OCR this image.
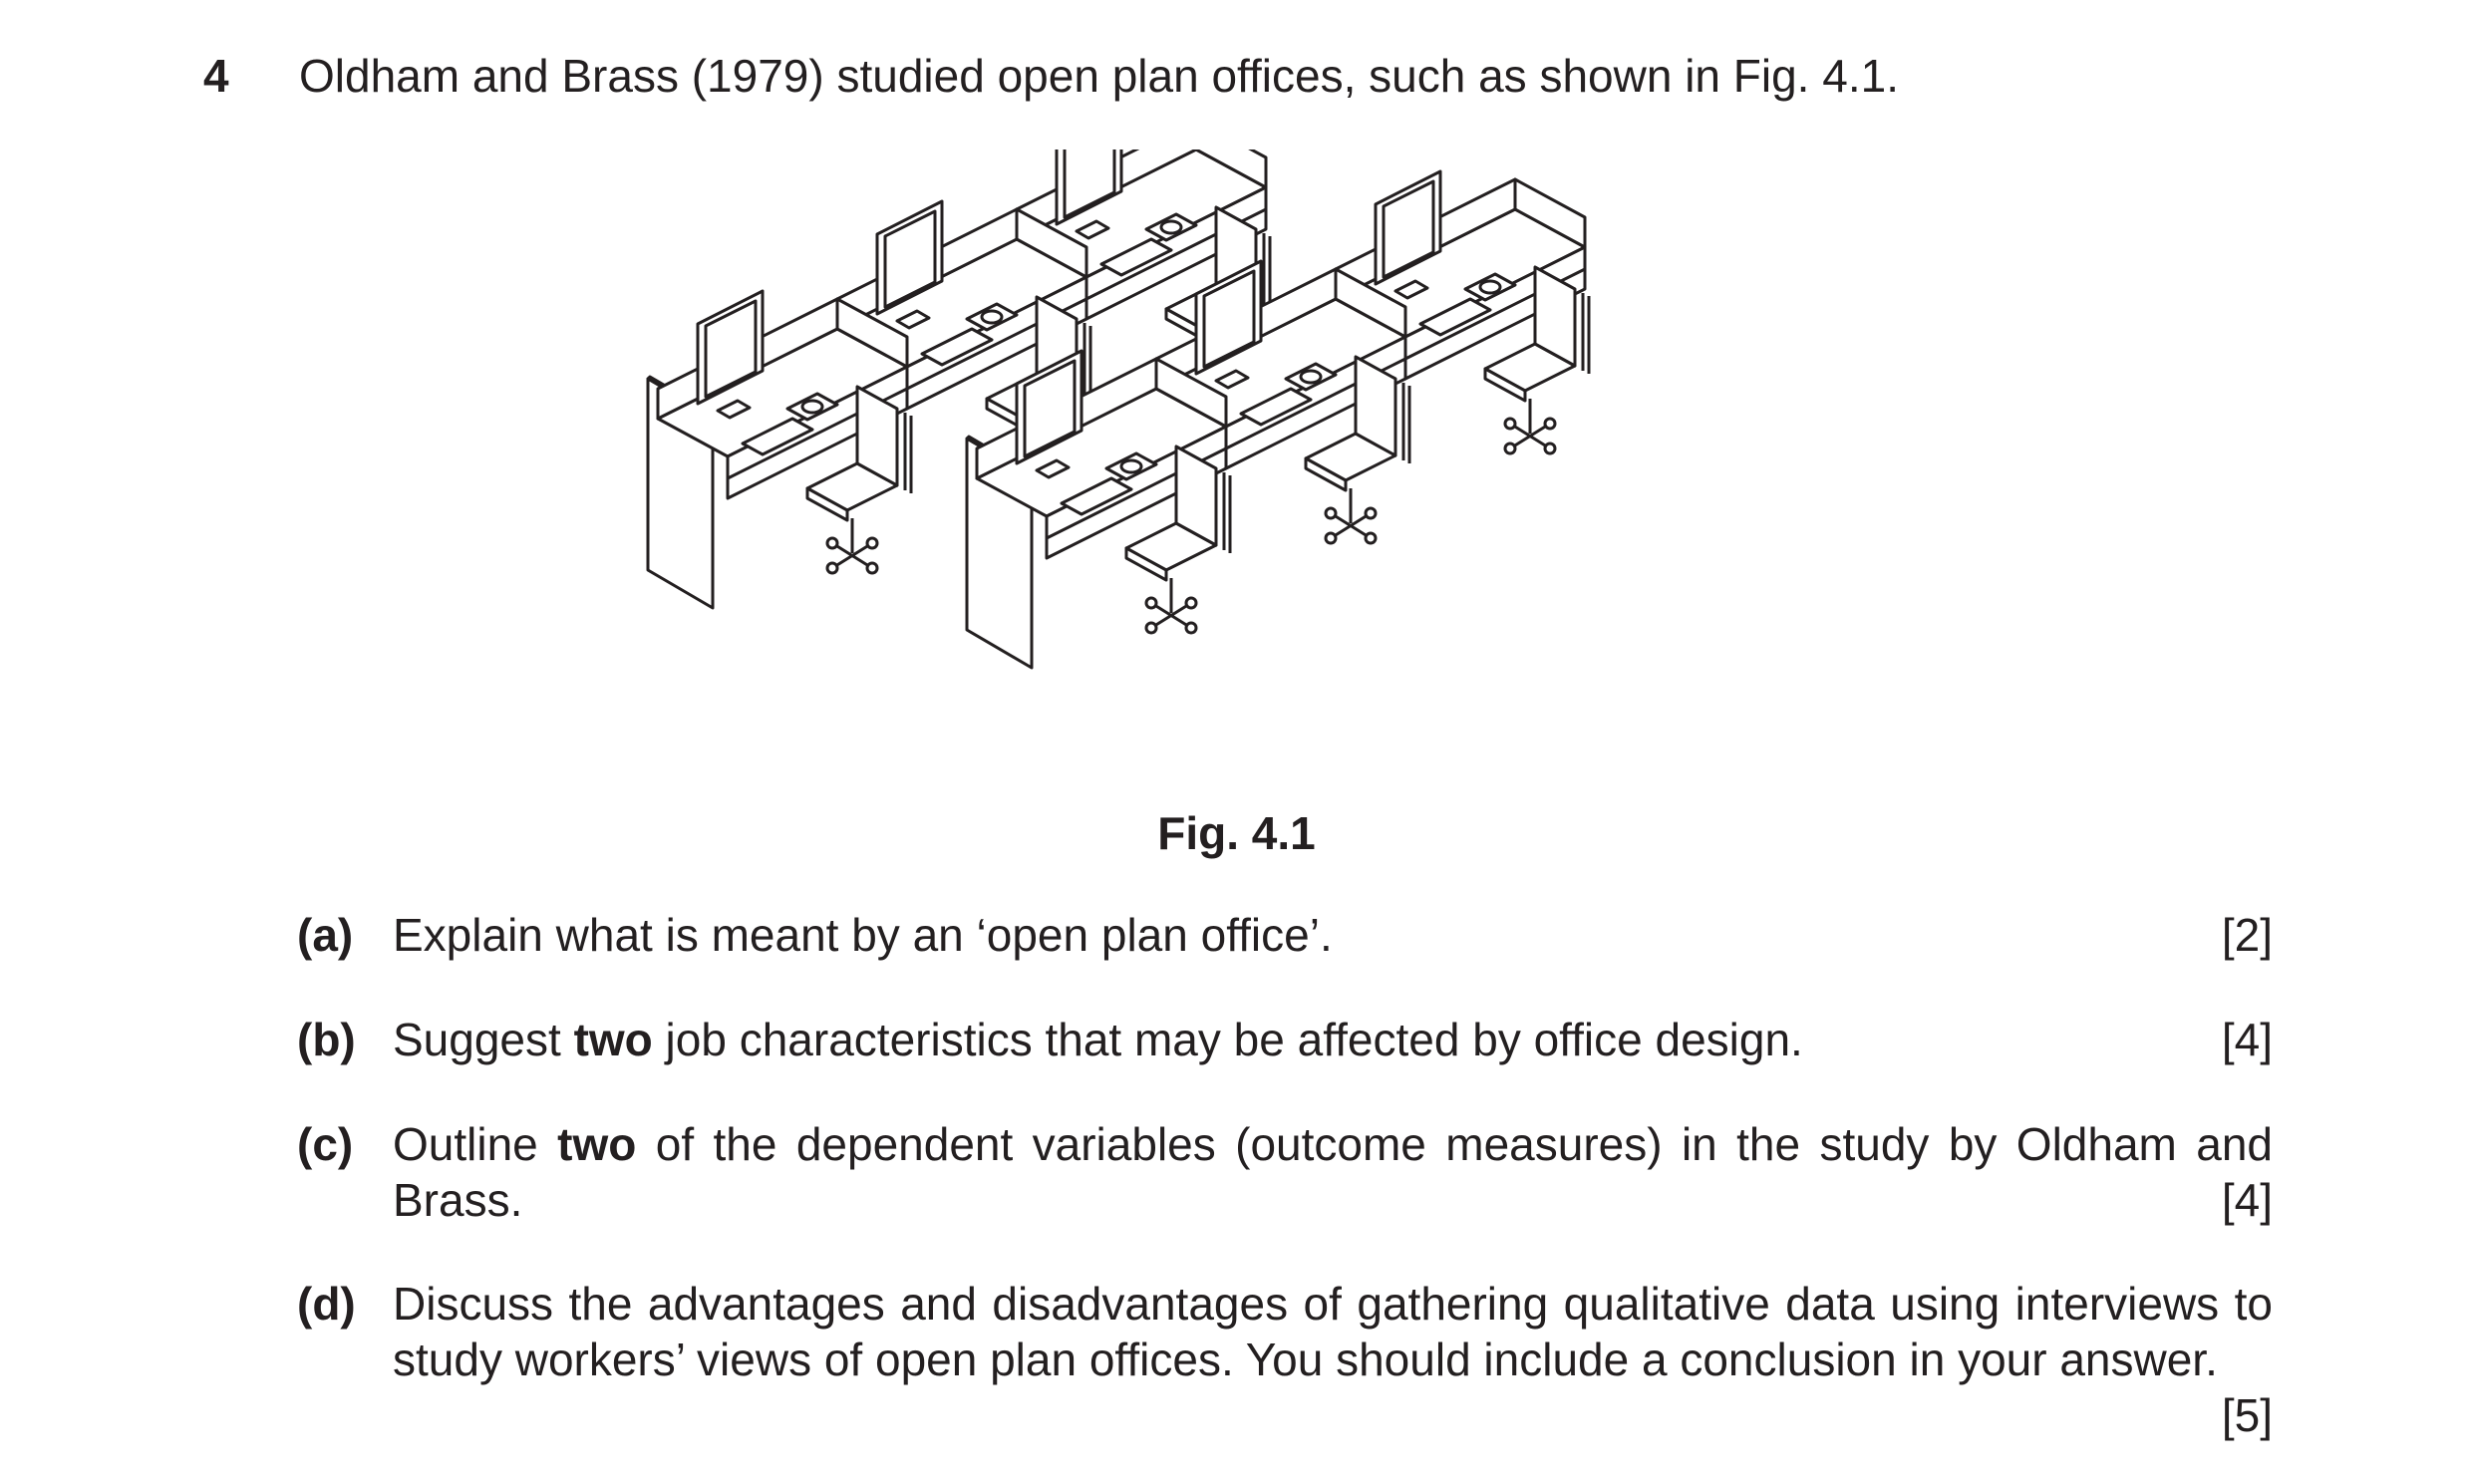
4 Oldham and Brass (1979) studied open plan offices, such as shown in Fig. 4.1.
Fig. 4.1
(a) Explain what is meant by an ‘open plan office’.	[2]
(b) Suggest two job characteristics that may be affected by office design.	[4]
(c) Outline two of the dependent variables (outcome measures) in the study by Oldham and Brass.	[4]
(d) Discuss the advantages and disadvantages of gathering qualitative data using interviews to study workers’ views of open plan offices. You should include a conclusion in your answer.
[5]
